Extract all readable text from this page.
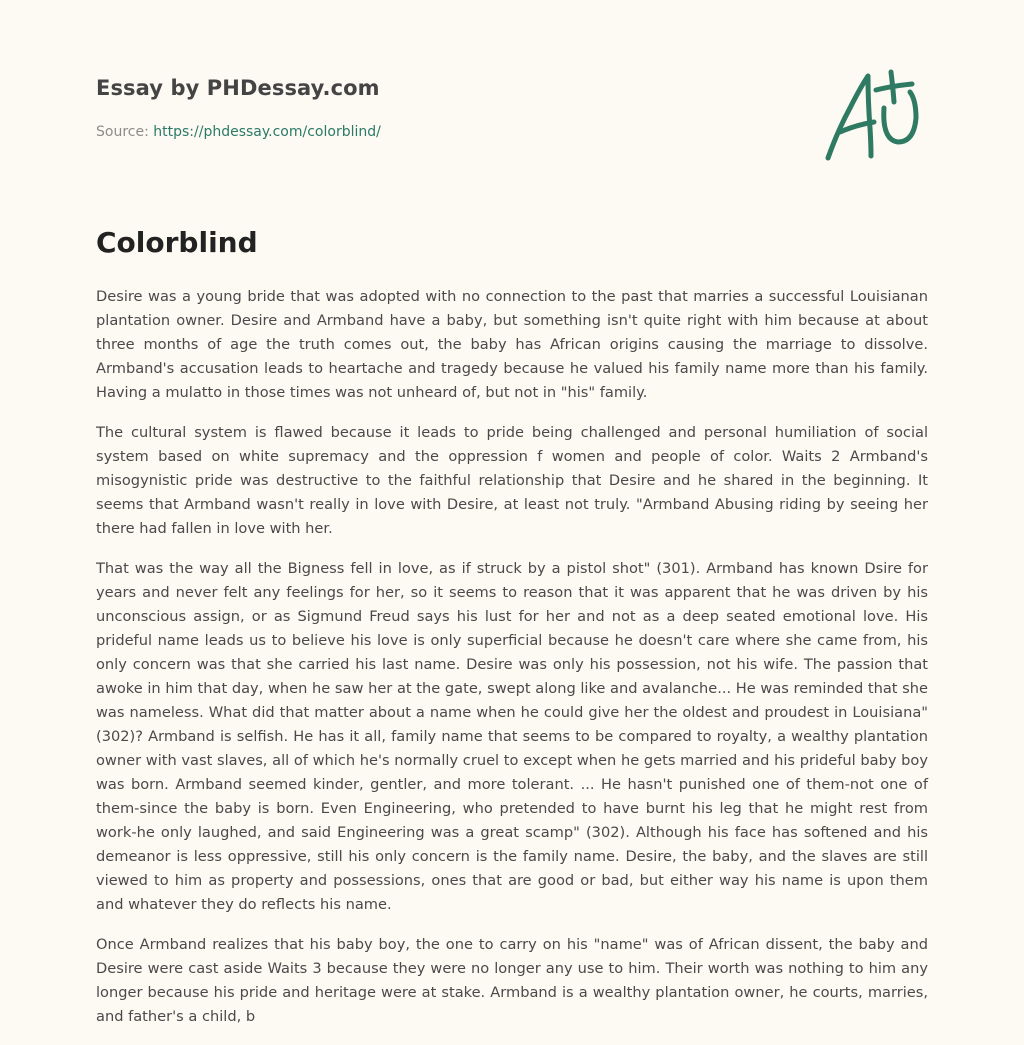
Essay by PHDessay.com
Source: https://phdessay.com/colorblind/
Colorblind

Desire was a young bride that was adopted with no connection to the past that marries a successful Louisianan plantation owner. Desire and Armband have a baby, but something isn't quite right with him because at about three months of age the truth comes out, the baby has African origins causing the marriage to dissolve. Armband's accusation leads to heartache and tragedy because he valued his family name more than his family. Having a mulatto in those times was not unheard of, but not in "his" family.

The cultural system is flawed because it leads to pride being challenged and personal humiliation of social system based on white supremacy and the oppression f women and people of color. Waits 2 Armband's misogynistic pride was destructive to the faithful relationship that Desire and he shared in the beginning. It seems that Armband wasn't really in love with Desire, at least not truly. "Armband Abusing riding by seeing her there had fallen in love with her.

That was the way all the Bigness fell in love, as if struck by a pistol shot" (301). Armband has known Dsire for years and never felt any feelings for her, so it seems to reason that it was apparent that he was driven by his unconscious assign, or as Sigmund Freud says his lust for her and not as a deep seated emotional love. His prideful name leads us to believe his love is only superficial because he doesn't care where she came from, his only concern was that she carried his last name. Desire was only his possession, not his wife. The passion that awoke in him that day, when he saw her at the gate, swept along like and avalanche... He was reminded that she was nameless. What did that matter about a name when he could give her the oldest and proudest in Louisiana" (302)? Armband is selfish. He has it all, family name that seems to be compared to royalty, a wealthy plantation owner with vast slaves, all of which he's normally cruel to except when he gets married and his prideful baby boy was born. Armband seemed kinder, gentler, and more tolerant. ... He hasn't punished one of them-not one of them-since the baby is born. Even Engineering, who pretended to have burnt his leg that he might rest from work-he only laughed, and said Engineering was a great scamp" (302). Although his face has softened and his demeanor is less oppressive, still his only concern is the family name. Desire, the baby, and the slaves are still viewed to him as property and possessions, ones that are good or bad, but either way his name is upon them and whatever they do reflects his name.

Once Armband realizes that his baby boy, the one to carry on his "name" was of African dissent, the baby and Desire were cast aside Waits 3 because they were no longer any use to him. Their worth was nothing to him any longer because his pride and heritage were at stake. Armband is a wealthy plantation owner, he courts, marries, and father's a child, b
